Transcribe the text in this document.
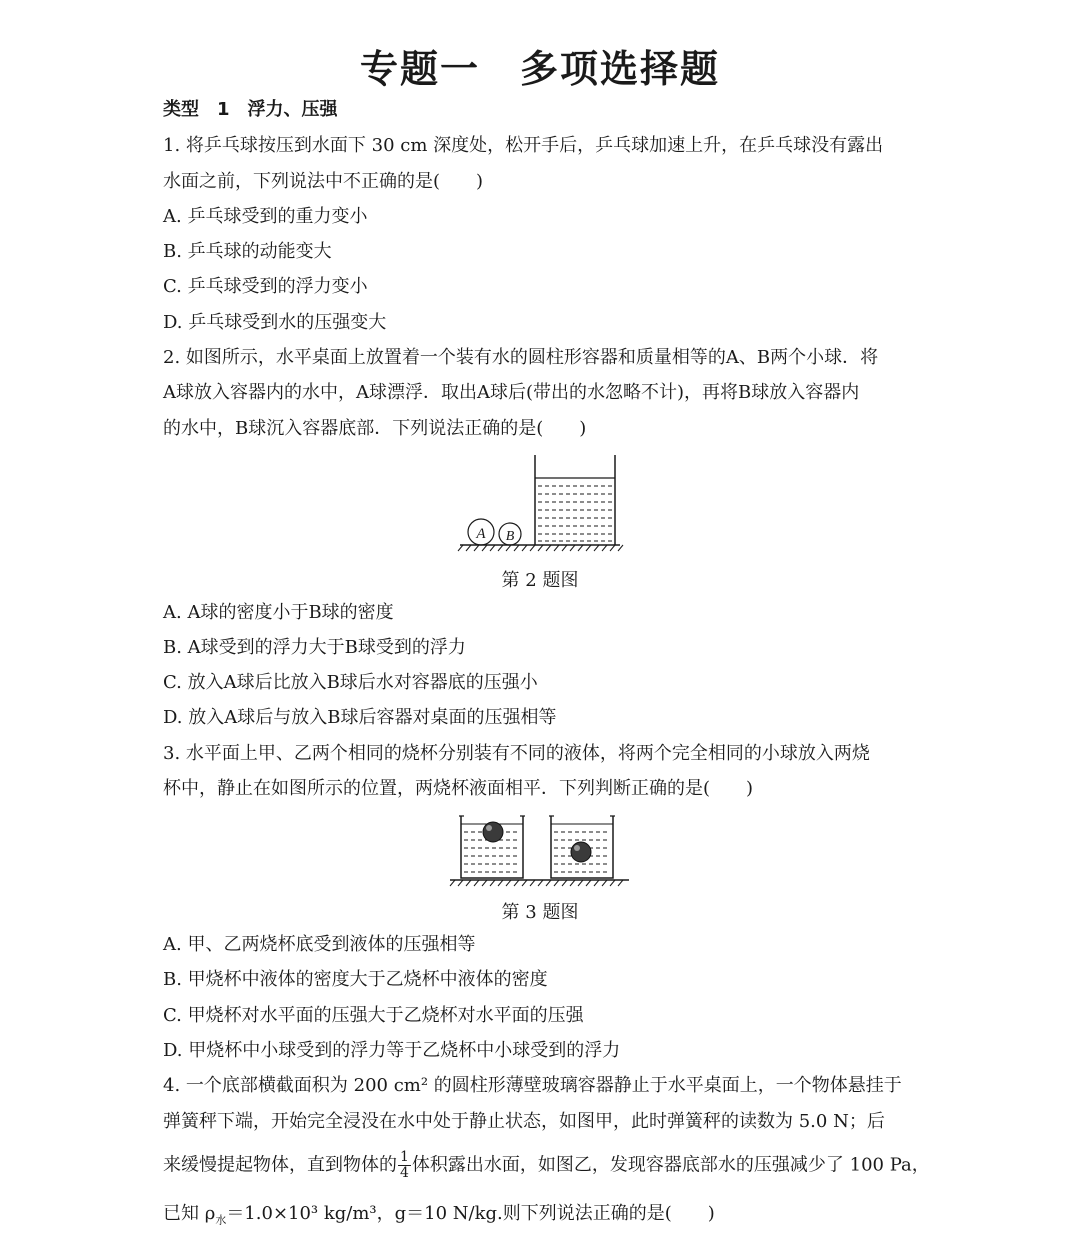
专题一 多项选择题
类型　1　浮力、压强
1. 将乒乓球按压到水面下 30 cm 深度处，松开手后，乒乓球加速上升，在乒乓球没有露出
水面之前，下列说法中不正确的是(　　)
A. 乒乓球受到的重力变小
B. 乒乓球的动能变大
C. 乒乓球受到的浮力变小
D. 乒乓球受到水的压强变大
2. 如图所示，水平桌面上放置着一个装有水的圆柱形容器和质量相等的A、B两个小球．将
A球放入容器内的水中，A球漂浮．取出A球后(带出的水忽略不计)，再将B球放入容器内
的水中，B球沉入容器底部．下列说法正确的是(　　)
A B
第 2 题图
A. A球的密度小于B球的密度
B. A球受到的浮力大于B球受到的浮力
C. 放入A球后比放入B球后水对容器底的压强小
D. 放入A球后与放入B球后容器对桌面的压强相等
3. 水平面上甲、乙两个相同的烧杯分别装有不同的液体，将两个完全相同的小球放入两烧
杯中，静止在如图所示的位置，两烧杯液面相平．下列判断正确的是(　　)
第 3 题图
A. 甲、乙两烧杯底受到液体的压强相等
B. 甲烧杯中液体的密度大于乙烧杯中液体的密度
C. 甲烧杯对水平面的压强大于乙烧杯对水平面的压强
D. 甲烧杯中小球受到的浮力等于乙烧杯中小球受到的浮力
4. 一个底部横截面积为 200 cm² 的圆柱形薄壁玻璃容器静止于水平桌面上，一个物体悬挂于
弹簧秤下端，开始完全浸没在水中处于静止状态，如图甲，此时弹簧秤的读数为 5.0 N；后
来缓慢提起物体，直到物体的 $\frac{1}{4}$ 体积露出水面，如图乙，发现容器底部水的压强减少了 100 Pa，
已知 $\rho_水=1.0\times 10^3$ kg/m³，g＝10 N/kg.则下列说法正确的是(　　)
